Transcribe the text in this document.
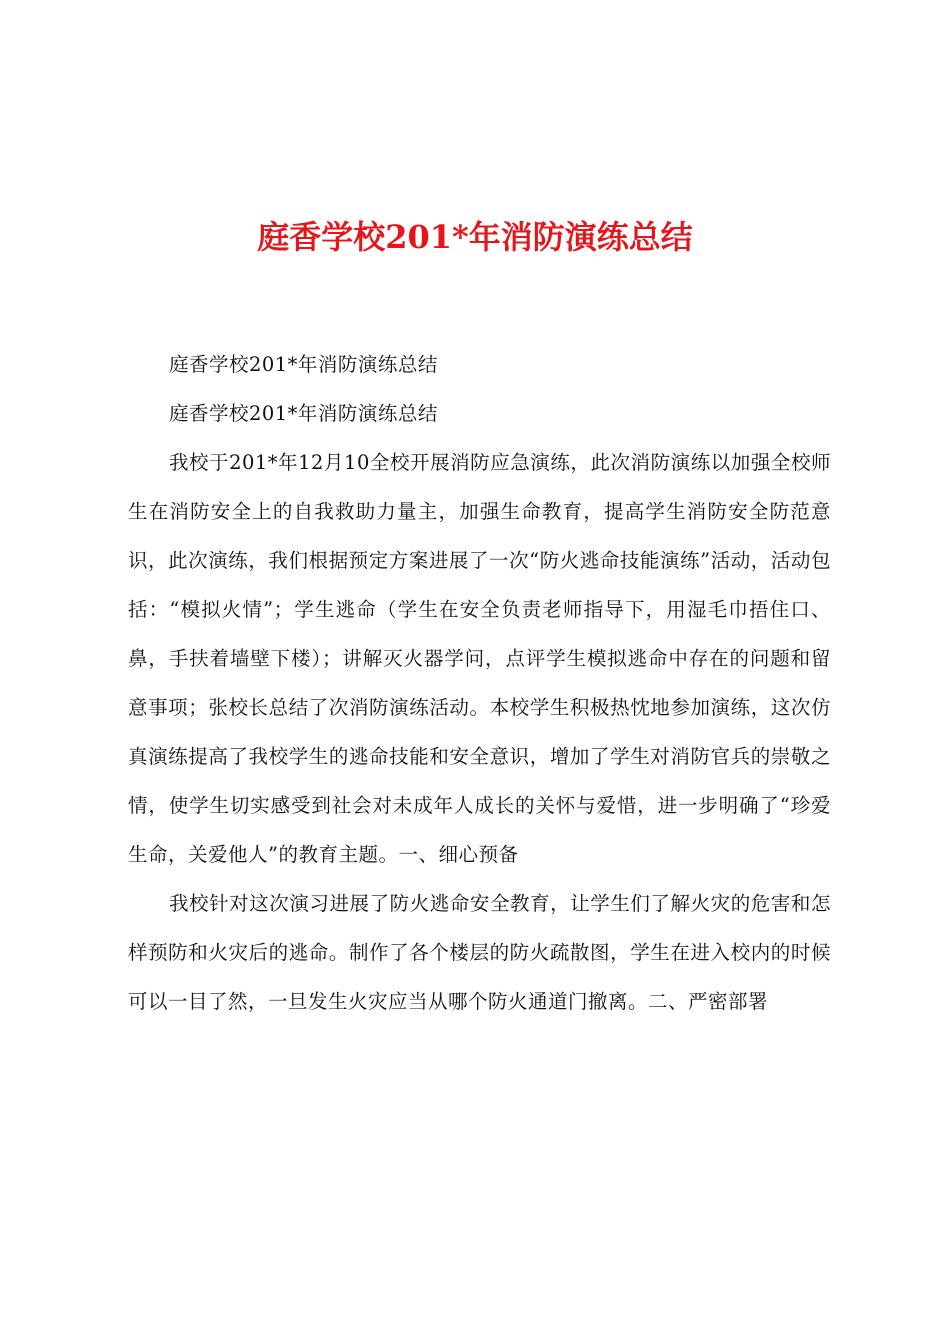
庭香学校201*年消防演练总结

庭香学校201*年消防演练总结

庭香学校201*年消防演练总结

我校于201*年12月10全校开展消防应急演练，此次消防演练以加强全校师生在消防安全上的自我救助力量主，加强生命教育，提高学生消防安全防范意识，此次演练，我们根据预定方案进展了一次“防火逃命技能演练”活动，活动包括：“模拟火情”；学生逃命（学生在安全负责老师指导下，用湿毛巾捂住口、鼻，手扶着墙壁下楼）；讲解灭火器学问，点评学生模拟逃命中存在的问题和留意事项；张校长总结了次消防演练活动。本校学生积极热忱地参加演练，这次仿真演练提高了我校学生的逃命技能和安全意识，增加了学生对消防官兵的崇敬之情，使学生切实感受到社会对未成年人成长的关怀与爱惜，进一步明确了“珍爱生命，关爱他人”的教育主题。一、细心预备

我校针对这次演习进展了防火逃命安全教育，让学生们了解火灾的危害和怎样预防和火灾后的逃命。制作了各个楼层的防火疏散图，学生在进入校内的时候可以一目了然，一旦发生火灾应当从哪个防火通道门撤离。二、严密部署
